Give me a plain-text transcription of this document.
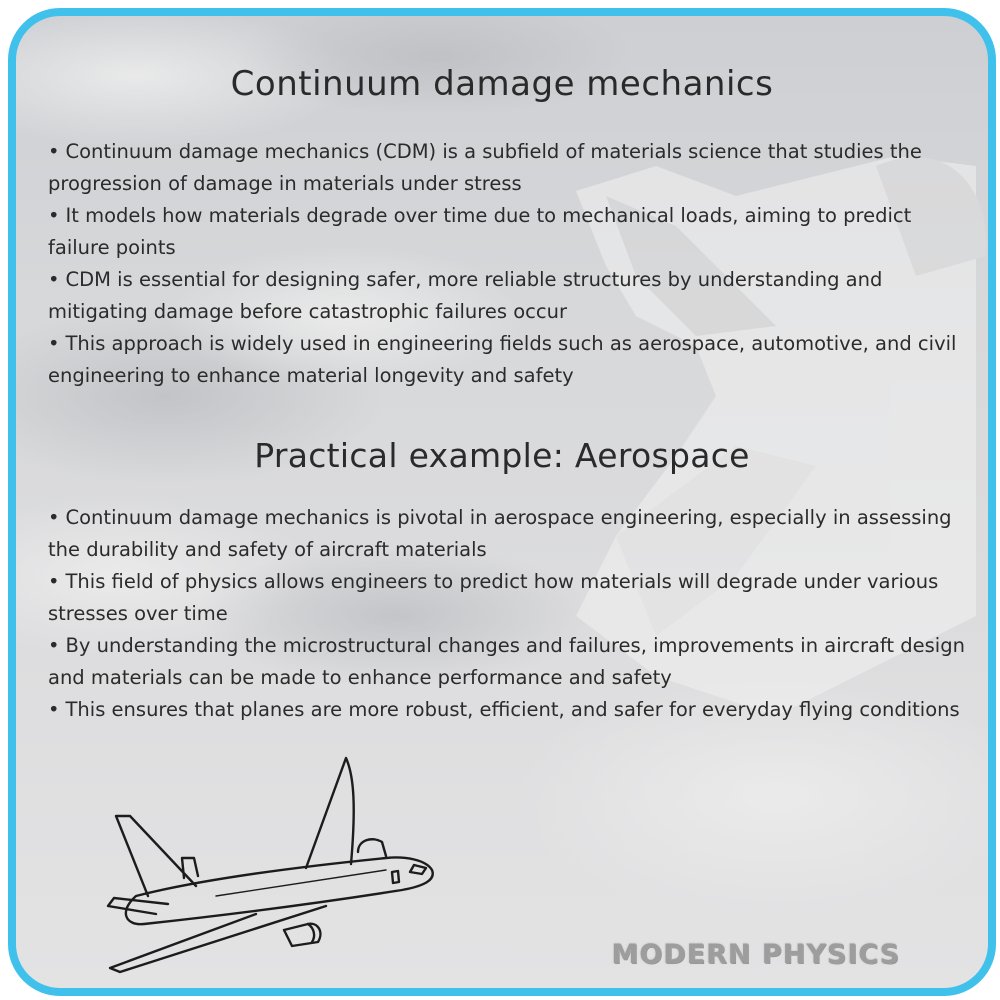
Continuum damage mechanics
• Continuum damage mechanics (CDM) is a subfield of materials science that studies the progression of damage in materials under stress
• It models how materials degrade over time due to mechanical loads, aiming to predict failure points
• CDM is essential for designing safer, more reliable structures by understanding and mitigating damage before catastrophic failures occur
• This approach is widely used in engineering fields such as aerospace, automotive, and civil engineering to enhance material longevity and safety
Practical example: Aerospace
• Continuum damage mechanics is pivotal in aerospace engineering, especially in assessing the durability and safety of aircraft materials
• This field of physics allows engineers to predict how materials will degrade under various stresses over time
• By understanding the microstructural changes and failures, improvements in aircraft design and materials can be made to enhance performance and safety
• This ensures that planes are more robust, efficient, and safer for everyday flying conditions
MODERN PHYSICS
